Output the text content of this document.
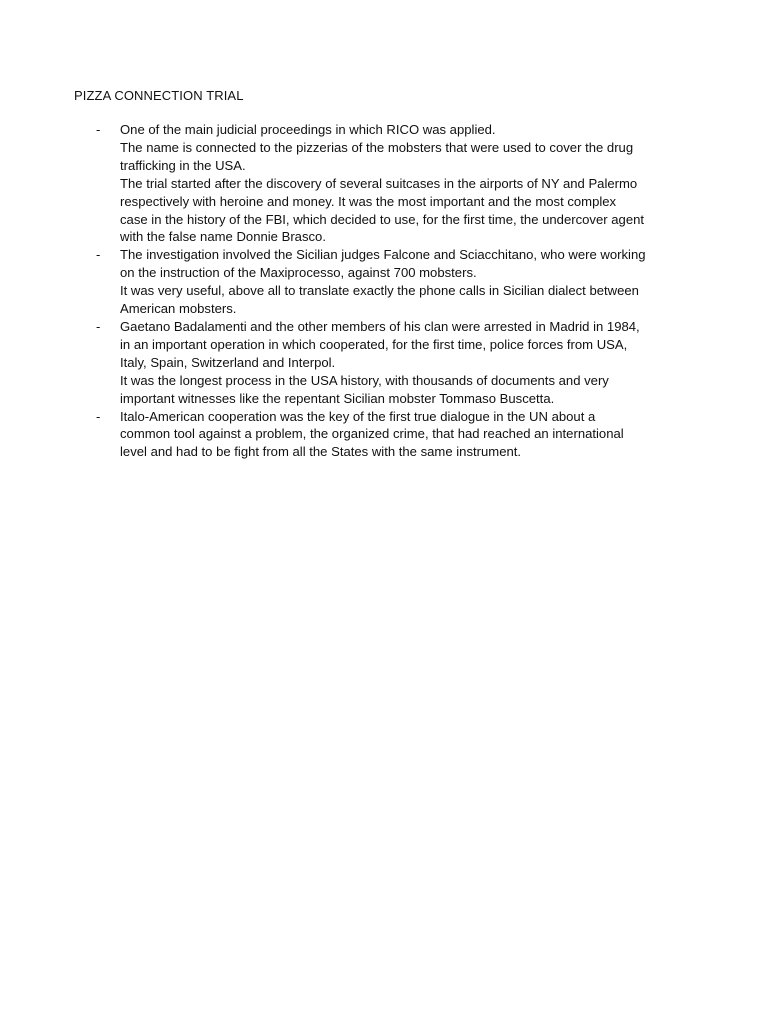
PIZZA CONNECTION TRIAL
-	One of the main judicial proceedings in which RICO was applied.
The name is connected to the pizzerias of the mobsters that were used to cover the drug
trafficking in the USA.
The trial started after the discovery of several suitcases in the airports of NY and Palermo
respectively with heroine and money. It was the most important and the most complex
case in the history of the FBI, which decided to use, for the first time, the undercover agent
with the false name Donnie Brasco.
-	The investigation involved the Sicilian judges Falcone and Sciacchitano, who were working
on the instruction of the Maxiprocesso, against 700 mobsters.
It was very useful, above all to translate exactly the phone calls in Sicilian dialect between
American mobsters.
-	Gaetano Badalamenti and the other members of his clan were arrested in Madrid in 1984,
in an important operation in which cooperated, for the first time, police forces from USA,
Italy, Spain, Switzerland and Interpol.
It was the longest process in the USA history, with thousands of documents and very
important witnesses like the repentant Sicilian mobster Tommaso Buscetta.
-	Italo-American cooperation was the key of the first true dialogue in the UN about a
common tool against a problem, the organized crime, that had reached an international
level and had to be fight from all the States with the same instrument.
